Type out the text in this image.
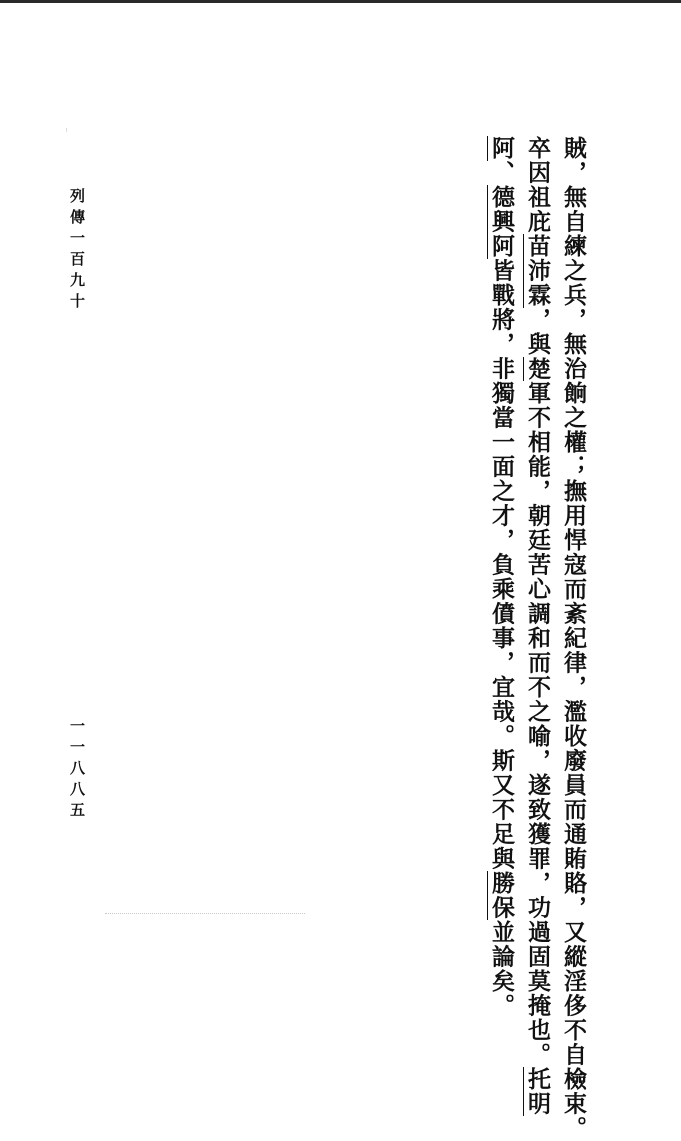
列傳一百九十
一一八八五	賊，無自練之兵，無治餉之權；撫用悍寇而紊紀律，濫收廢員而通賄賂，又縱淫侈不自檢束。
卒因祖庇苗沛霖，與楚軍不相能，朝廷苦心調和而不之喻，遂致獲罪，功過固莫掩也。托明
阿、德興阿皆戰將，非獨當一面之才，負乘僨事，宜哉。斯又不足與勝保並論矣。
